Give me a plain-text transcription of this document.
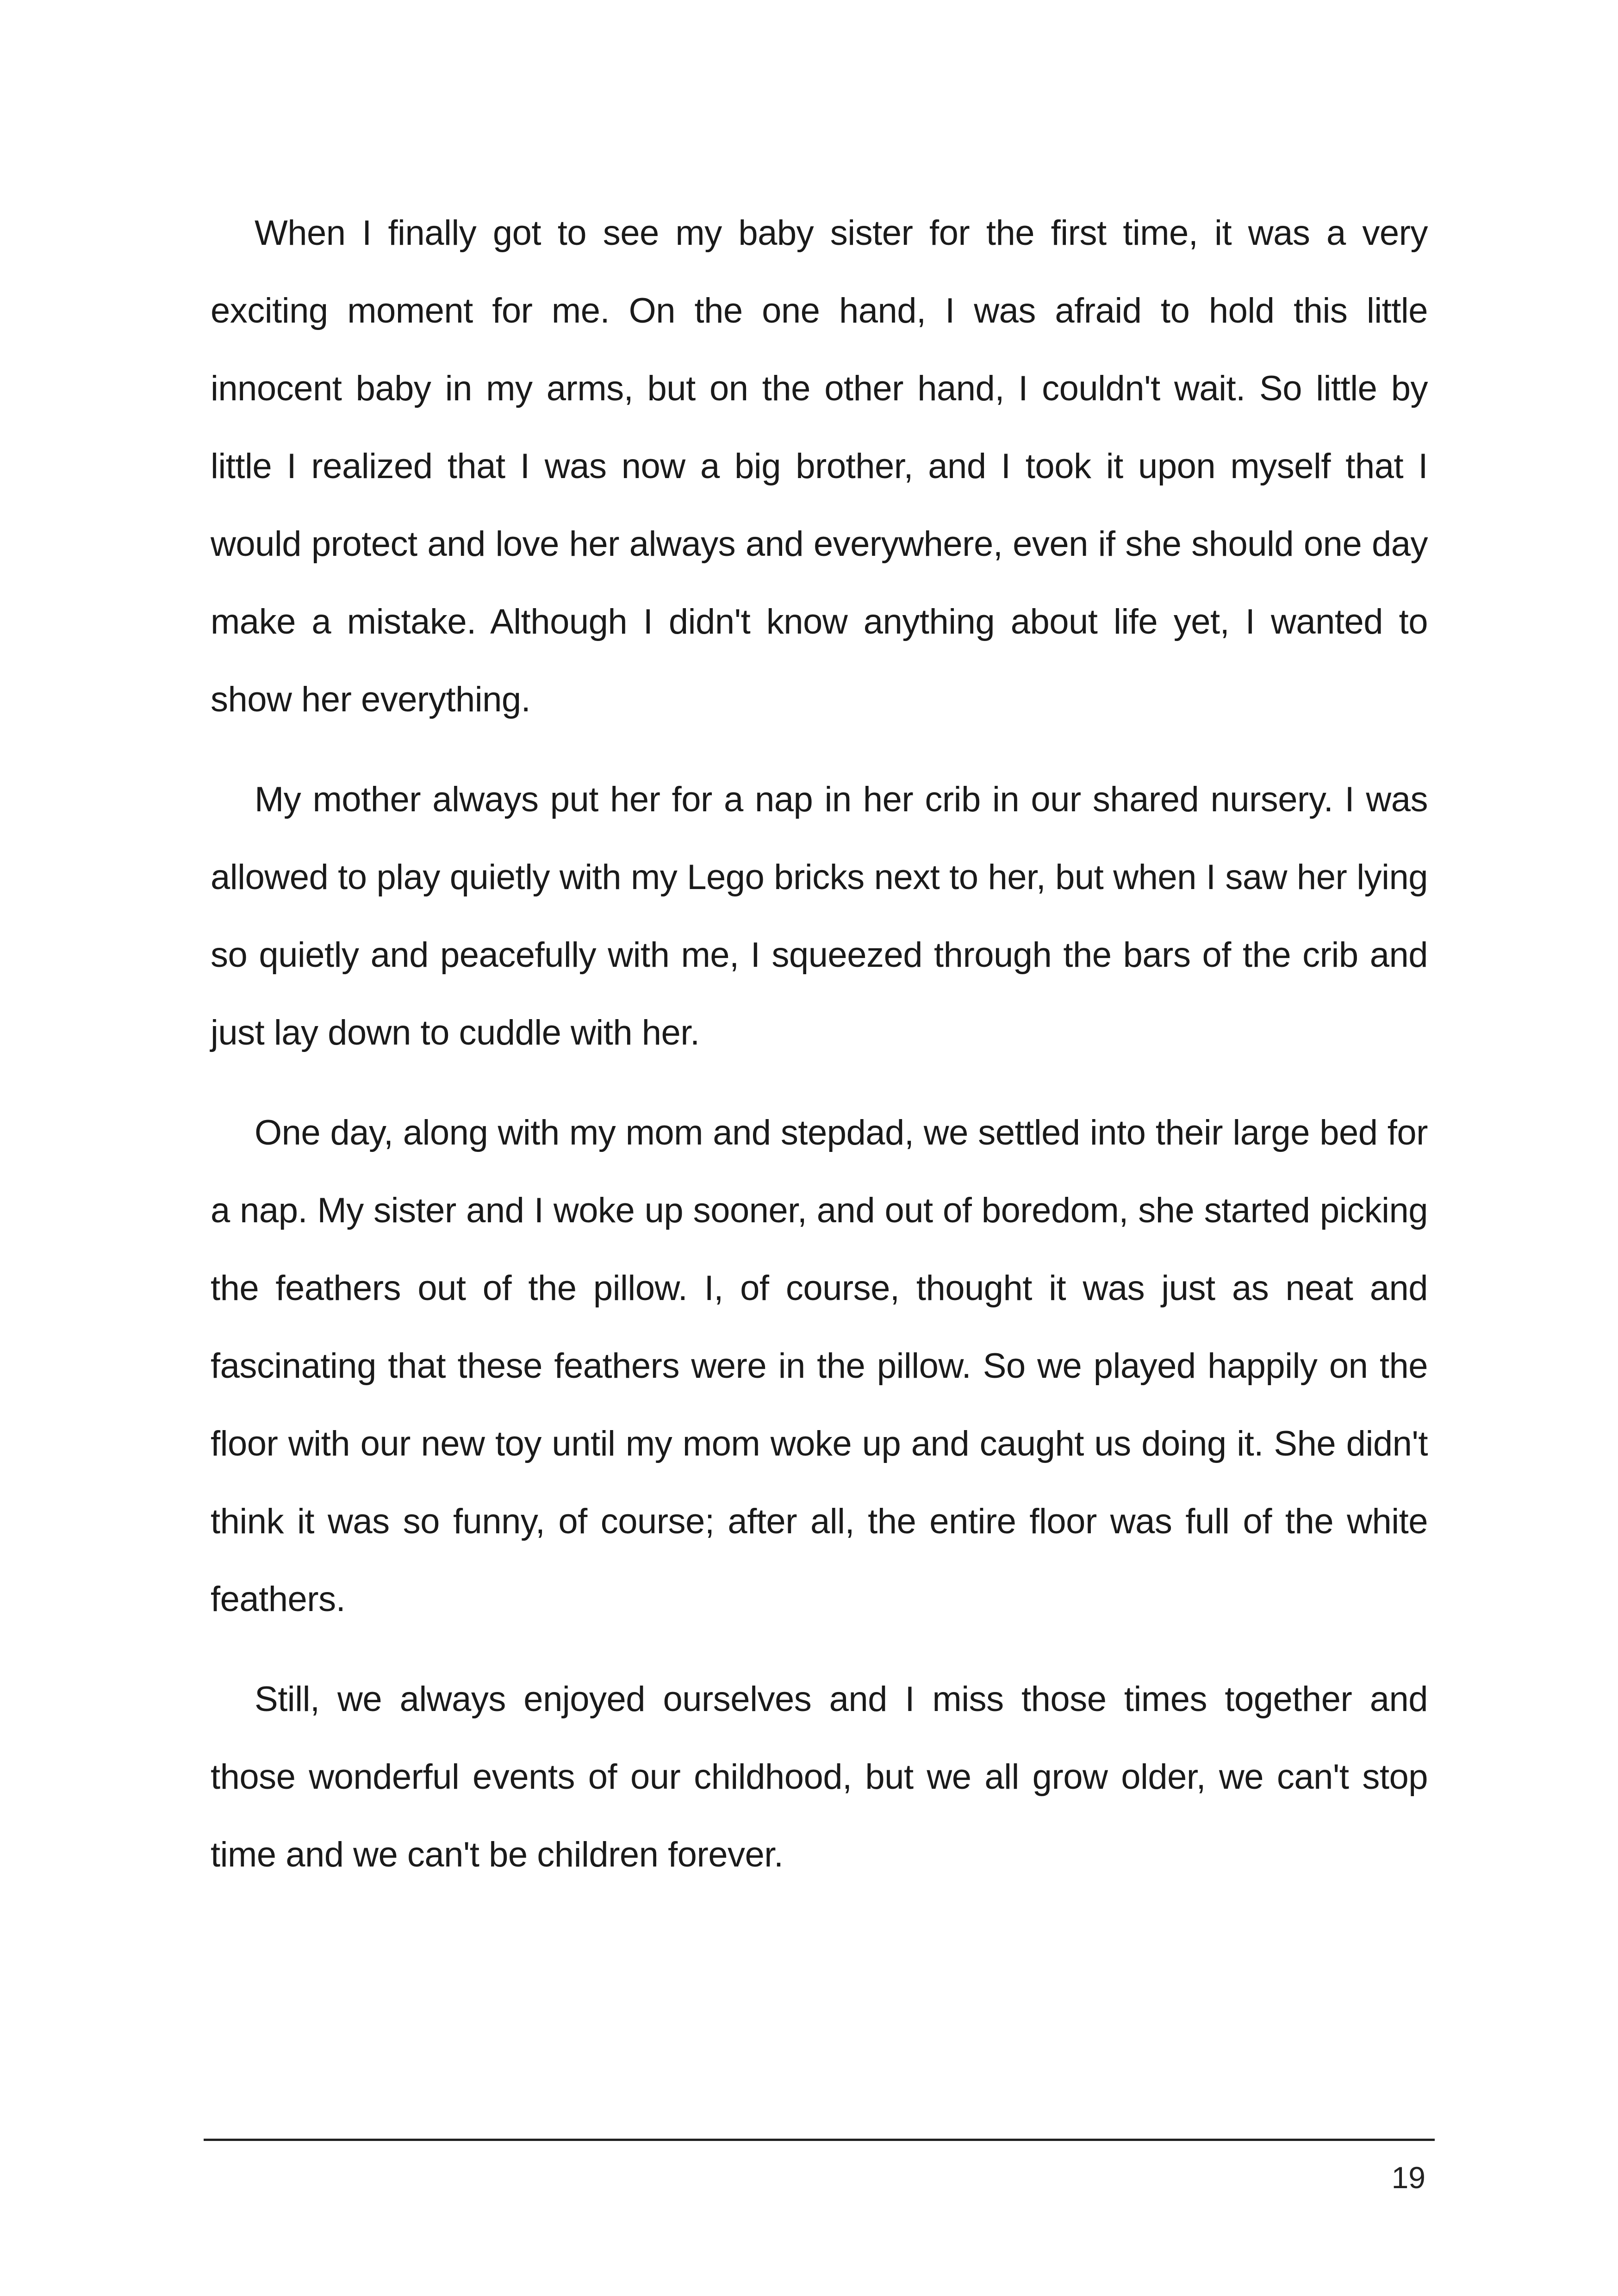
When I finally got to see my baby sister for the first time, it was a very exciting moment for me. On the one hand, I was afraid to hold this little innocent baby in my arms, but on the other hand, I couldn't wait. So little by little I realized that I was now a big brother, and I took it upon myself that I would protect and love her always and everywhere, even if she should one day make a mistake. Although I didn't know anything about life yet, I wanted to show her everything.

My mother always put her for a nap in her crib in our shared nursery. I was allowed to play quietly with my Lego bricks next to her, but when I saw her lying so quietly and peacefully with me, I squeezed through the bars of the crib and just lay down to cuddle with her.

One day, along with my mom and stepdad, we settled into their large bed for a nap. My sister and I woke up sooner, and out of boredom, she started picking the feathers out of the pillow. I, of course, thought it was just as neat and fascinating that these feathers were in the pillow. So we played happily on the floor with our new toy until my mom woke up and caught us doing it. She didn't think it was so funny, of course; after all, the entire floor was full of the white feathers.

Still, we always enjoyed ourselves and I miss those times together and those wonderful events of our childhood, but we all grow older, we can't stop time and we can't be children forever.

19
